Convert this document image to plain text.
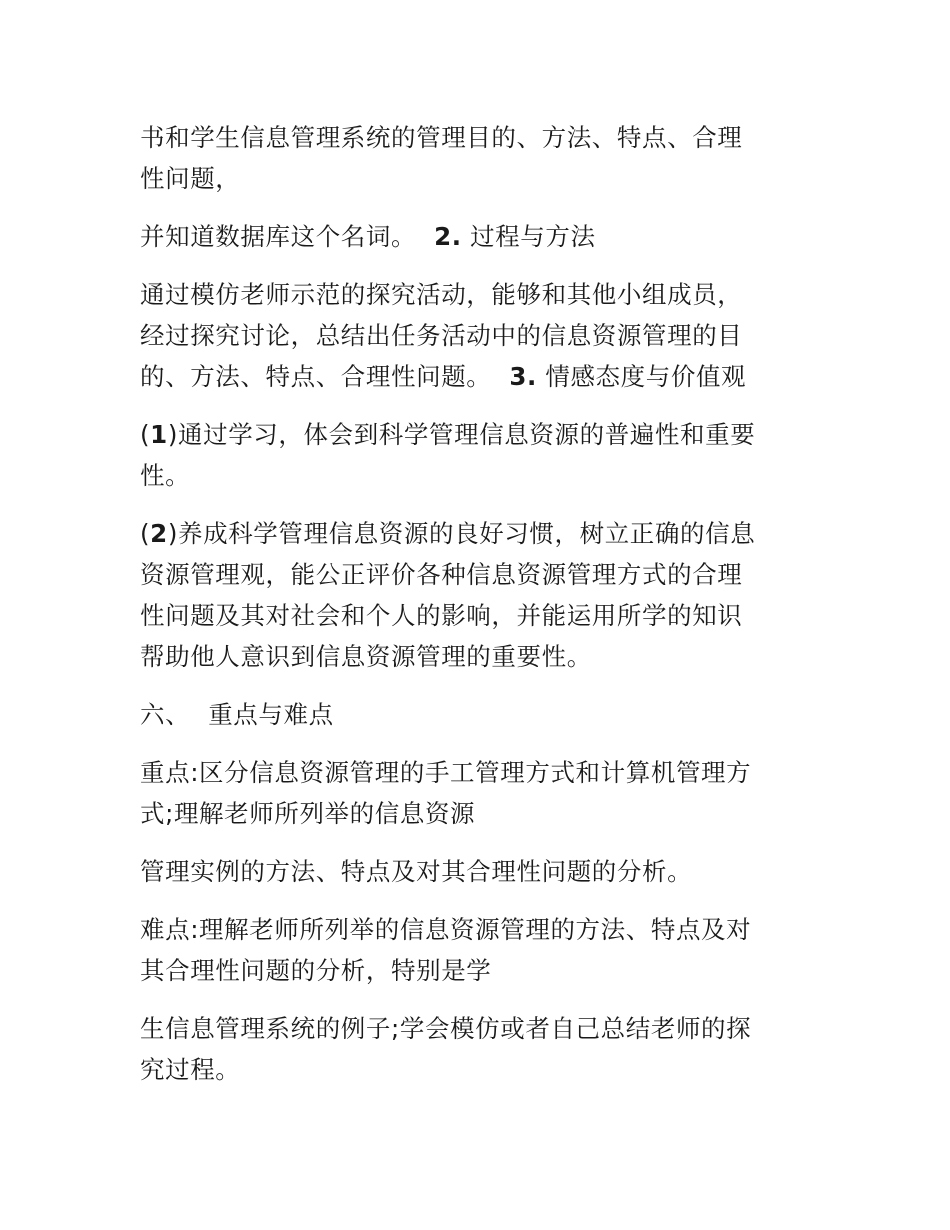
书和学生信息管理系统的管理目的、方法、特点、合理
性问题，

并知道数据库这个名词。 2. 过程与方法

通过模仿老师示范的探究活动，能够和其他小组成员，
经过探究讨论，总结出任务活动中的信息资源管理的目
的、方法、特点、合理性问题。 3. 情感态度与价值观

(1)通过学习，体会到科学管理信息资源的普遍性和重要
性。

(2)养成科学管理信息资源的良好习惯，树立正确的信息
资源管理观，能公正评价各种信息资源管理方式的合理
性问题及其对社会和个人的影响，并能运用所学的知识
帮助他人意识到信息资源管理的重要性。

六、 重点与难点

重点:区分信息资源管理的手工管理方式和计算机管理方
式;理解老师所列举的信息资源

管理实例的方法、特点及对其合理性问题的分析。

难点:理解老师所列举的信息资源管理的方法、特点及对
其合理性问题的分析，特别是学

生信息管理系统的例子;学会模仿或者自己总结老师的探
究过程。
